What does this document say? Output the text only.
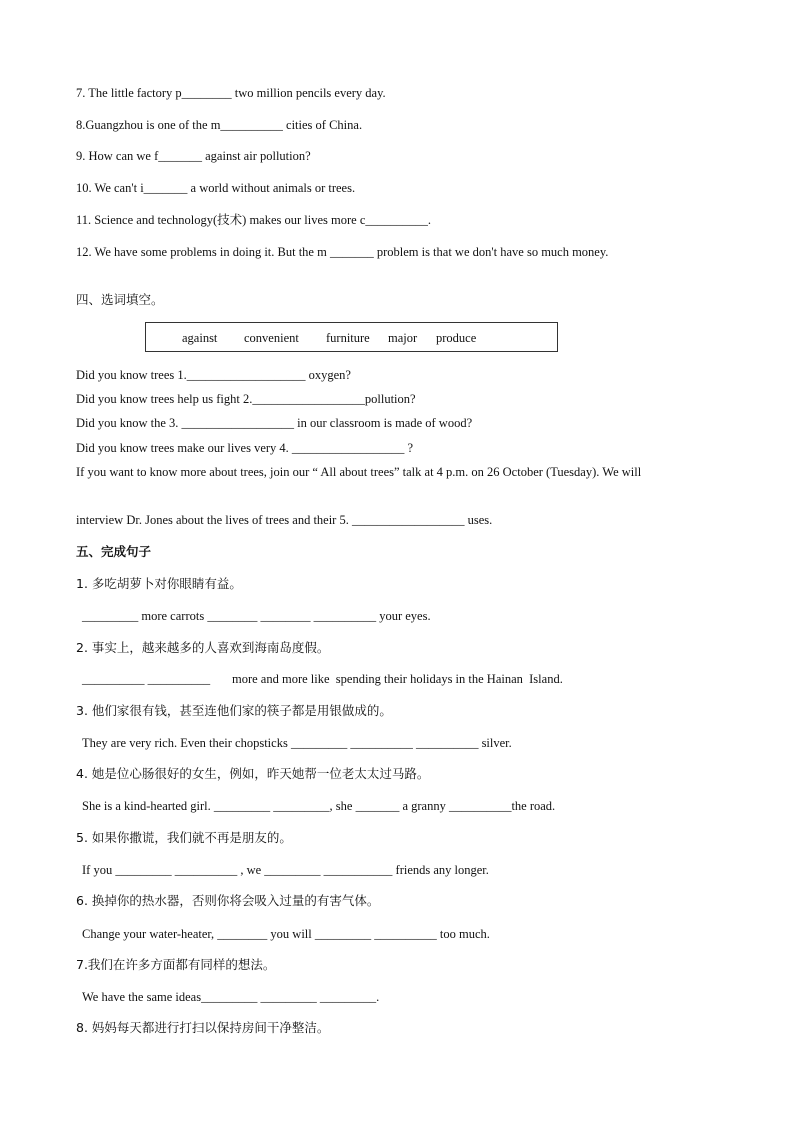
7. The little factory p________ two million pencils every day.
8.Guangzhou is one of the m__________ cities of China.
9. How can we f_______ against air pollution?
10. We can't i_______ a world without animals or trees.
11. Science and technology(技术) makes our lives more c__________.
12. We have some problems in doing it. But the m _______ problem is that we don't have so much money.
四、选词填空。
against convenient furniture major produce
Did you know trees 1.___________________ oxygen?
Did you know trees help us fight 2.__________________pollution?
Did you know the 3. __________________ in our classroom is made of wood?
Did you know trees make our lives very 4. __________________ ?
If you want to know more about trees, join our “ All about trees” talk at 4 p.m. on 26 October (Tuesday). We will
interview Dr. Jones about the lives of trees and their 5. __________________ uses.
五、完成句子
1. 多吃胡萝卜对你眼睛有益。
_________ more carrots ________ ________ __________ your eyes.
2. 事实上，越来越多的人喜欢到海南岛度假。
__________ __________       more and more like  spending their holidays in the Hainan  Island.
3. 他们家很有钱，甚至连他们家的筷子都是用银做成的。
They are very rich. Even their chopsticks _________ __________ __________ silver.
4. 她是位心肠很好的女生，例如，昨天她帮一位老太太过马路。
She is a kind-hearted girl. _________ _________, she _______ a granny __________the road.
5. 如果你撒谎，我们就不再是朋友的。
If you _________ __________ , we _________ ___________ friends any longer.
6. 换掉你的热水器，否则你将会吸入过量的有害气体。
Change your water-heater, ________ you will _________ __________ too much.
7.我们在许多方面都有同样的想法。
We have the same ideas_________ _________ _________.
8. 妈妈每天都进行打扫以保持房间干净整洁。
